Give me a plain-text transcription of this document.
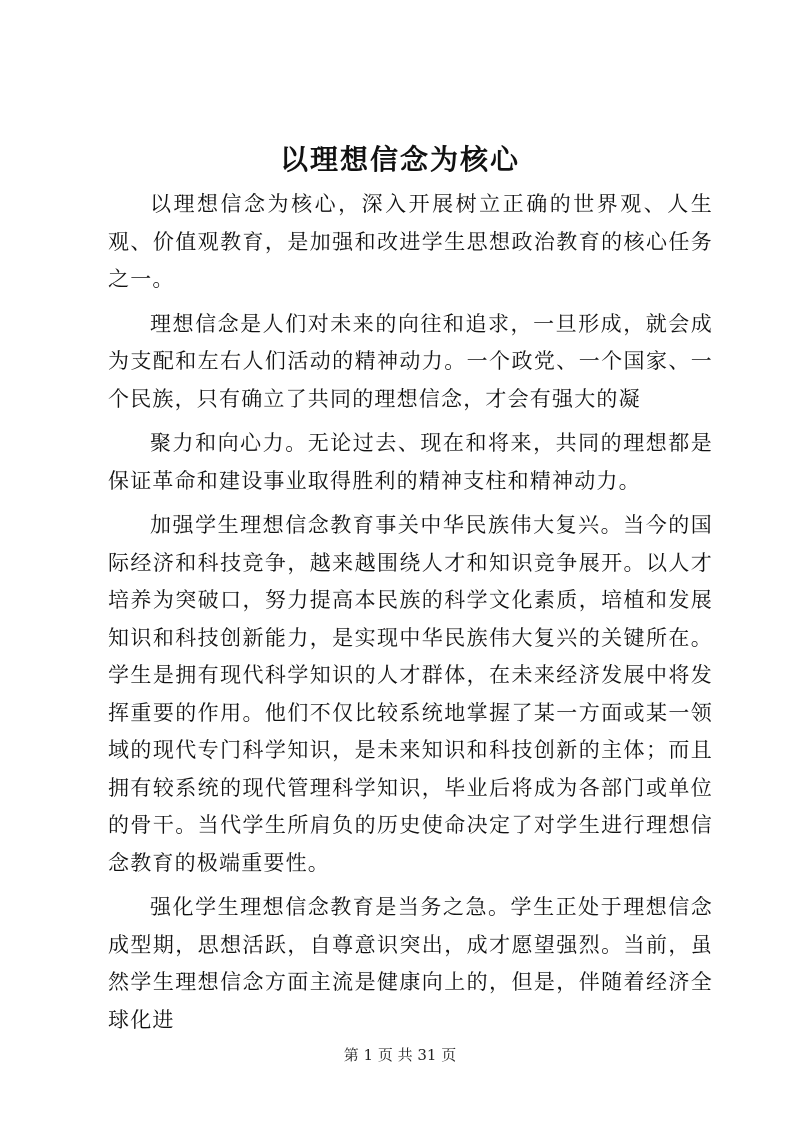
以理想信念为核心

以理想信念为核心，深入开展树立正确的世界观、人生观、价值观教育，是加强和改进学生思想政治教育的核心任务之一。

理想信念是人们对未来的向往和追求，一旦形成，就会成为支配和左右人们活动的精神动力。一个政党、一个国家、一个民族，只有确立了共同的理想信念，才会有强大的凝

聚力和向心力。无论过去、现在和将来，共同的理想都是保证革命和建设事业取得胜利的精神支柱和精神动力。

加强学生理想信念教育事关中华民族伟大复兴。当今的国际经济和科技竞争，越来越围绕人才和知识竞争展开。以人才培养为突破口，努力提高本民族的科学文化素质，培植和发展知识和科技创新能力，是实现中华民族伟大复兴的关键所在。学生是拥有现代科学知识的人才群体，在未来经济发展中将发挥重要的作用。他们不仅比较系统地掌握了某一方面或某一领域的现代专门科学知识，是未来知识和科技创新的主体；而且拥有较系统的现代管理科学知识，毕业后将成为各部门或单位的骨干。当代学生所肩负的历史使命决定了对学生进行理想信念教育的极端重要性。

强化学生理想信念教育是当务之急。学生正处于理想信念成型期，思想活跃，自尊意识突出，成才愿望强烈。当前，虽然学生理想信念方面主流是健康向上的，但是，伴随着经济全球化进

第 1 页 共 31 页
